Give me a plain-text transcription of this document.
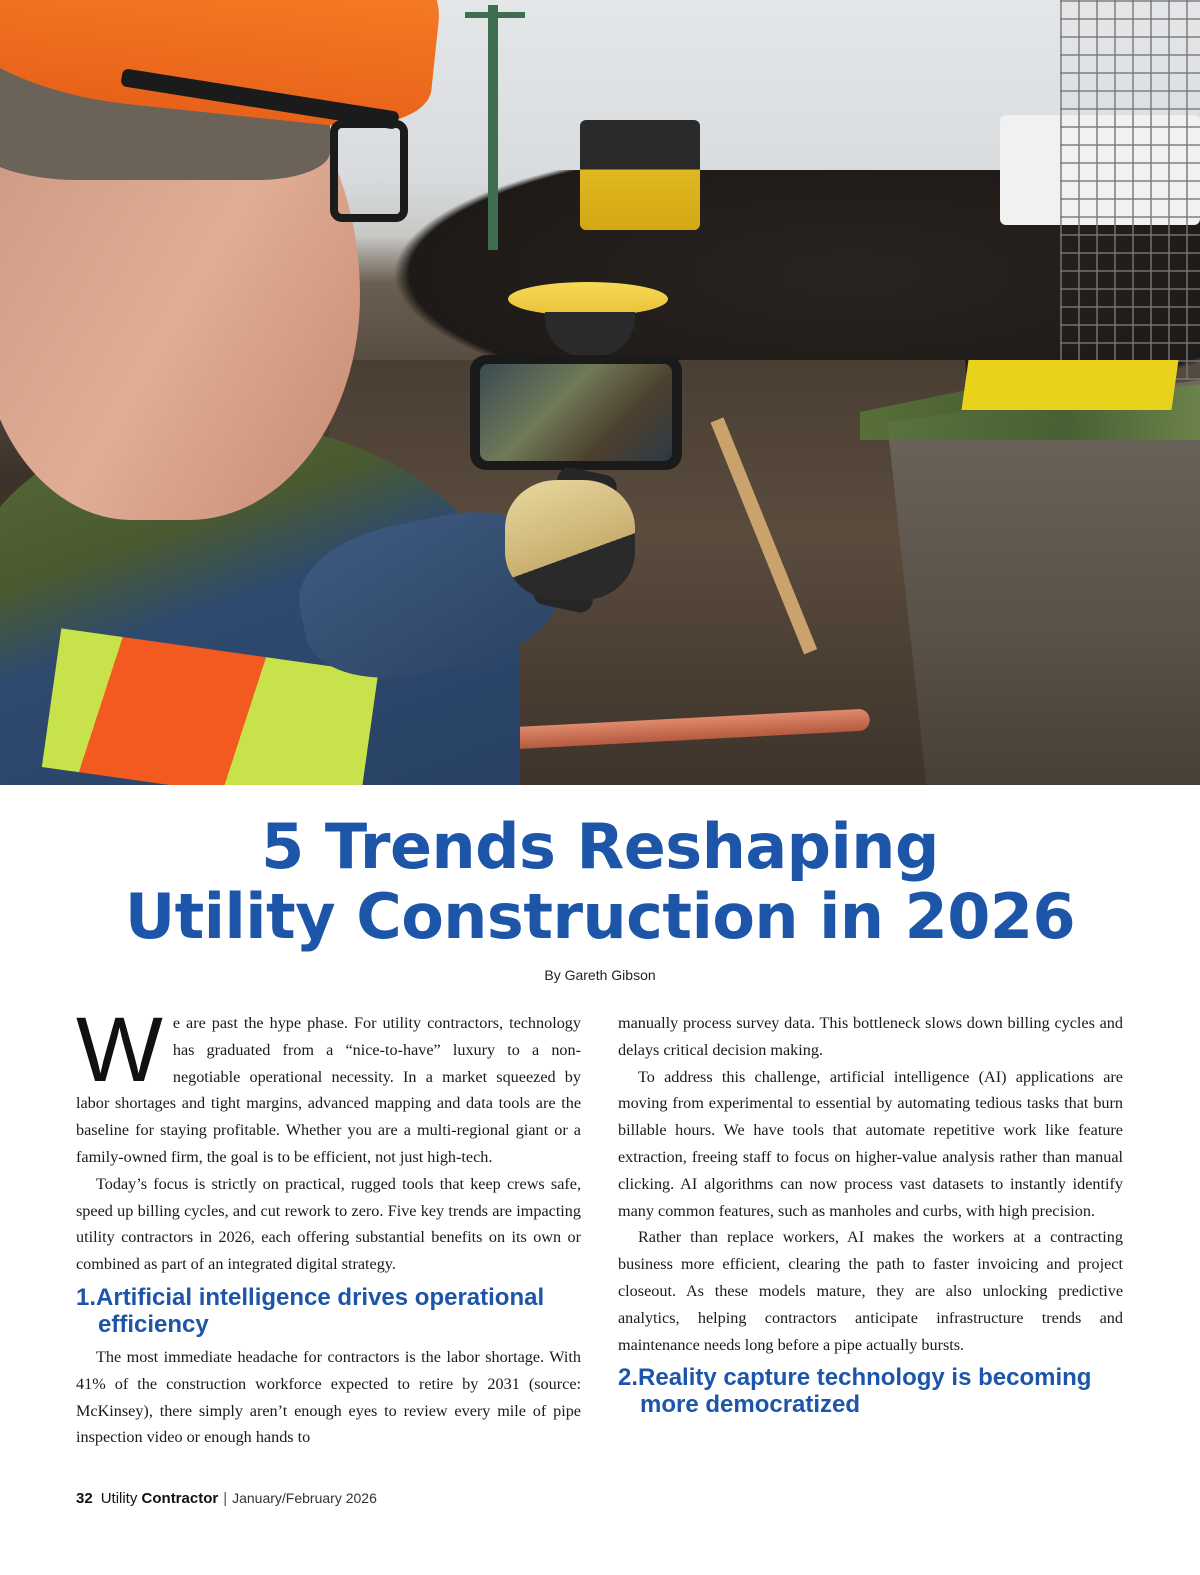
5 Trends Reshaping
Utility Construction in 2026
By Gareth Gibson

We are past the hype phase. For utility contractors, technology has graduated from a “nice-to-have” luxury to a non-negotiable operational necessity. In a market squeezed by labor shortages and tight margins, advanced mapping and data tools are the baseline for staying profitable. Whether you are a multi-regional giant or a family-owned firm, the goal is to be efficient, not just high-tech.

Today’s focus is strictly on practical, rugged tools that keep crews safe, speed up billing cycles, and cut rework to zero. Five key trends are impacting utility contractors in 2026, each offering substantial benefits on its own or combined as part of an integrated digital strategy.

1.Artificial intelligence drives operational efficiency

The most immediate headache for contractors is the labor shortage. With 41% of the construction workforce expected to retire by 2031 (source: McKinsey), there simply aren’t enough eyes to review every mile of pipe inspection video or enough hands to

manually process survey data. This bottleneck slows down billing cycles and delays critical decision making.

To address this challenge, artificial intelligence (AI) applications are moving from experimental to essential by automating tedious tasks that burn billable hours. We have tools that automate repetitive work like feature extraction, freeing staff to focus on higher-value analysis rather than manual clicking. AI algorithms can now process vast datasets to instantly identify many common features, such as manholes and curbs, with high precision.

Rather than replace workers, AI makes the workers at a contracting business more efficient, clearing the path to faster invoicing and project closeout. As these models mature, they are also unlocking predictive analytics, helping contractors anticipate infrastructure trends and maintenance needs long before a pipe actually bursts.

2.Reality capture technology is becoming more democratized
32 Utility Contractor | January/February 2026
